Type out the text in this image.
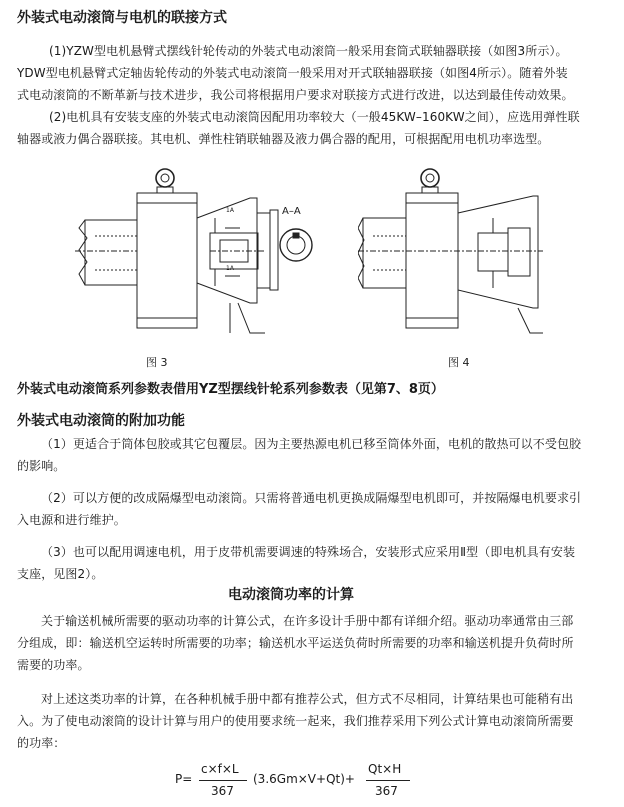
外装式电动滚筒与电机的联接方式
(1)YZW型电机悬臂式摆线针轮传动的外装式电动滚筒一般采用套筒式联轴器联接（如图3所示）。
YDW型电机悬臂式定轴齿轮传动的外装式电动滚筒一般采用对开式联轴器联接（如图4所示）。随着外装
式电动滚筒的不断革新与技术进步，我公司将根据用户要求对联接方式进行改进，以达到最佳传动效果。
(2)电机具有安装支座的外装式电动滚筒因配用功率较大（一般45KW–160KW之间），应选用弹性联
轴器或液力偶合器联接。其电机、弹性柱销联轴器及液力偶合器的配用，可根据配用电机功率选型。
1A
1A
A–A
图 3	图 4
外装式电动滚筒系列参数表借用YZ型摆线针轮系列参数表（见第7、8页）
外装式电动滚筒的附加功能
（1）更适合于筒体包胶或其它包覆层。因为主要热源电机已移至筒体外面，电机的散热可以不受包胶
的影响。
（2）可以方便的改成隔爆型电动滚筒。只需将普通电机更换成隔爆型电机即可，并按隔爆电机要求引
入电源和进行维护。
（3）也可以配用调速电机，用于皮带机需要调速的特殊场合，安装形式应采用Ⅱ型（即电机具有安装
支座，见图2）。
电动滚筒功率的计算
关于输送机械所需要的驱动功率的计算公式，在许多设计手册中都有详细介绍。驱动功率通常由三部
分组成，即：输送机空运转时所需要的功率；输送机水平运送负荷时所需要的功率和输送机提升负荷时所
需要的功率。
对上述这类功率的计算，在各种机械手册中都有推荐公式，但方式不尽相同，计算结果也可能稍有出
入。为了使电动滚筒的设计计算与用户的使用要求统一起来，我们推荐采用下列公式计算电动滚筒所需要
的功率：
P=
c×f×L
367
(3.6Gm×V+Qt)+
Qt×H
367
